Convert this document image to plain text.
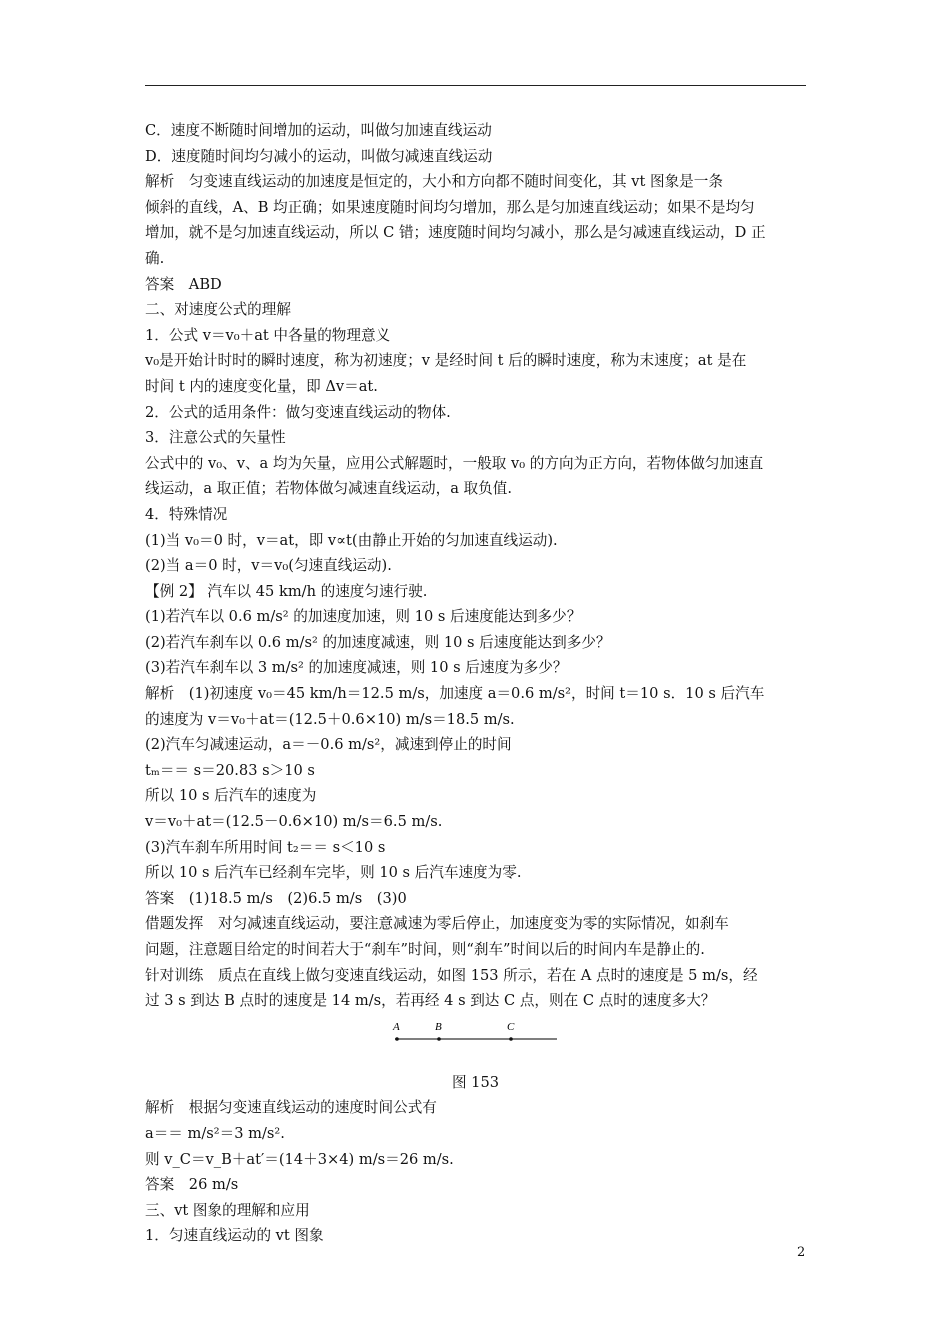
C．速度不断随时间增加的运动，叫做匀加速直线运动
D．速度随时间均匀减小的运动，叫做匀减速直线运动
解析　匀变速直线运动的加速度是恒定的，大小和方向都不随时间变化，其 vt 图象是一条
倾斜的直线，A、B 均正确；如果速度随时间均匀增加，那么是匀加速直线运动；如果不是均匀
增加，就不是匀加速直线运动，所以 C 错；速度随时间均匀减小，那么是匀减速直线运动，D 正
确.
答案　ABD
二、对速度公式的理解
1．公式 v＝v₀＋at 中各量的物理意义
v₀是开始计时时的瞬时速度，称为初速度；v 是经时间 t 后的瞬时速度，称为末速度；at 是在
时间 t 内的速度变化量，即 Δv＝at.
2．公式的适用条件：做匀变速直线运动的物体.
3．注意公式的矢量性
公式中的 v₀、v、a 均为矢量，应用公式解题时，一般取 v₀ 的方向为正方向，若物体做匀加速直
线运动，a 取正值；若物体做匀减速直线运动，a 取负值.
4．特殊情况
(1)当 v₀＝0 时，v＝at，即 v∝t(由静止开始的匀加速直线运动).
(2)当 a＝0 时，v＝v₀(匀速直线运动).
【例 2】 汽车以 45 km/h 的速度匀速行驶.
(1)若汽车以 0.6 m/s² 的加速度加速，则 10 s 后速度能达到多少？
(2)若汽车刹车以 0.6 m/s² 的加速度减速，则 10 s 后速度能达到多少？
(3)若汽车刹车以 3 m/s² 的加速度减速，则 10 s 后速度为多少？
解析　(1)初速度 v₀＝45 km/h＝12.5 m/s，加速度 a＝0.6 m/s²，时间 t＝10 s．10 s 后汽车
的速度为 v＝v₀＋at＝(12.5＋0.6×10) m/s＝18.5 m/s.
(2)汽车匀减速运动，a＝－0.6 m/s²，减速到停止的时间
tₘ＝＝ s＝20.83 s＞10 s
所以 10 s 后汽车的速度为
v＝v₀＋at＝(12.5－0.6×10) m/s＝6.5 m/s.
(3)汽车刹车所用时间 t₂＝＝ s＜10 s
所以 10 s 后汽车已经刹车完毕，则 10 s 后汽车速度为零.
答案　(1)18.5 m/s　(2)6.5 m/s　(3)0
借题发挥　对匀减速直线运动，要注意减速为零后停止，加速度变为零的实际情况，如刹车
问题，注意题目给定的时间若大于“刹车”时间，则“刹车”时间以后的时间内车是静止的.
针对训练　质点在直线上做匀变速直线运动，如图 153 所示，若在 A 点时的速度是 5 m/s，经
过 3 s 到达 B 点时的速度是 14 m/s，若再经 4 s 到达 C 点，则在 C 点时的速度多大？
A	B	C
图 153
解析　根据匀变速直线运动的速度时间公式有
a＝＝ m/s²＝3 m/s².
则 v_C＝v_B＋at′＝(14＋3×4) m/s＝26 m/s.
答案　26 m/s
三、vt 图象的理解和应用
1．匀速直线运动的 vt 图象
2
